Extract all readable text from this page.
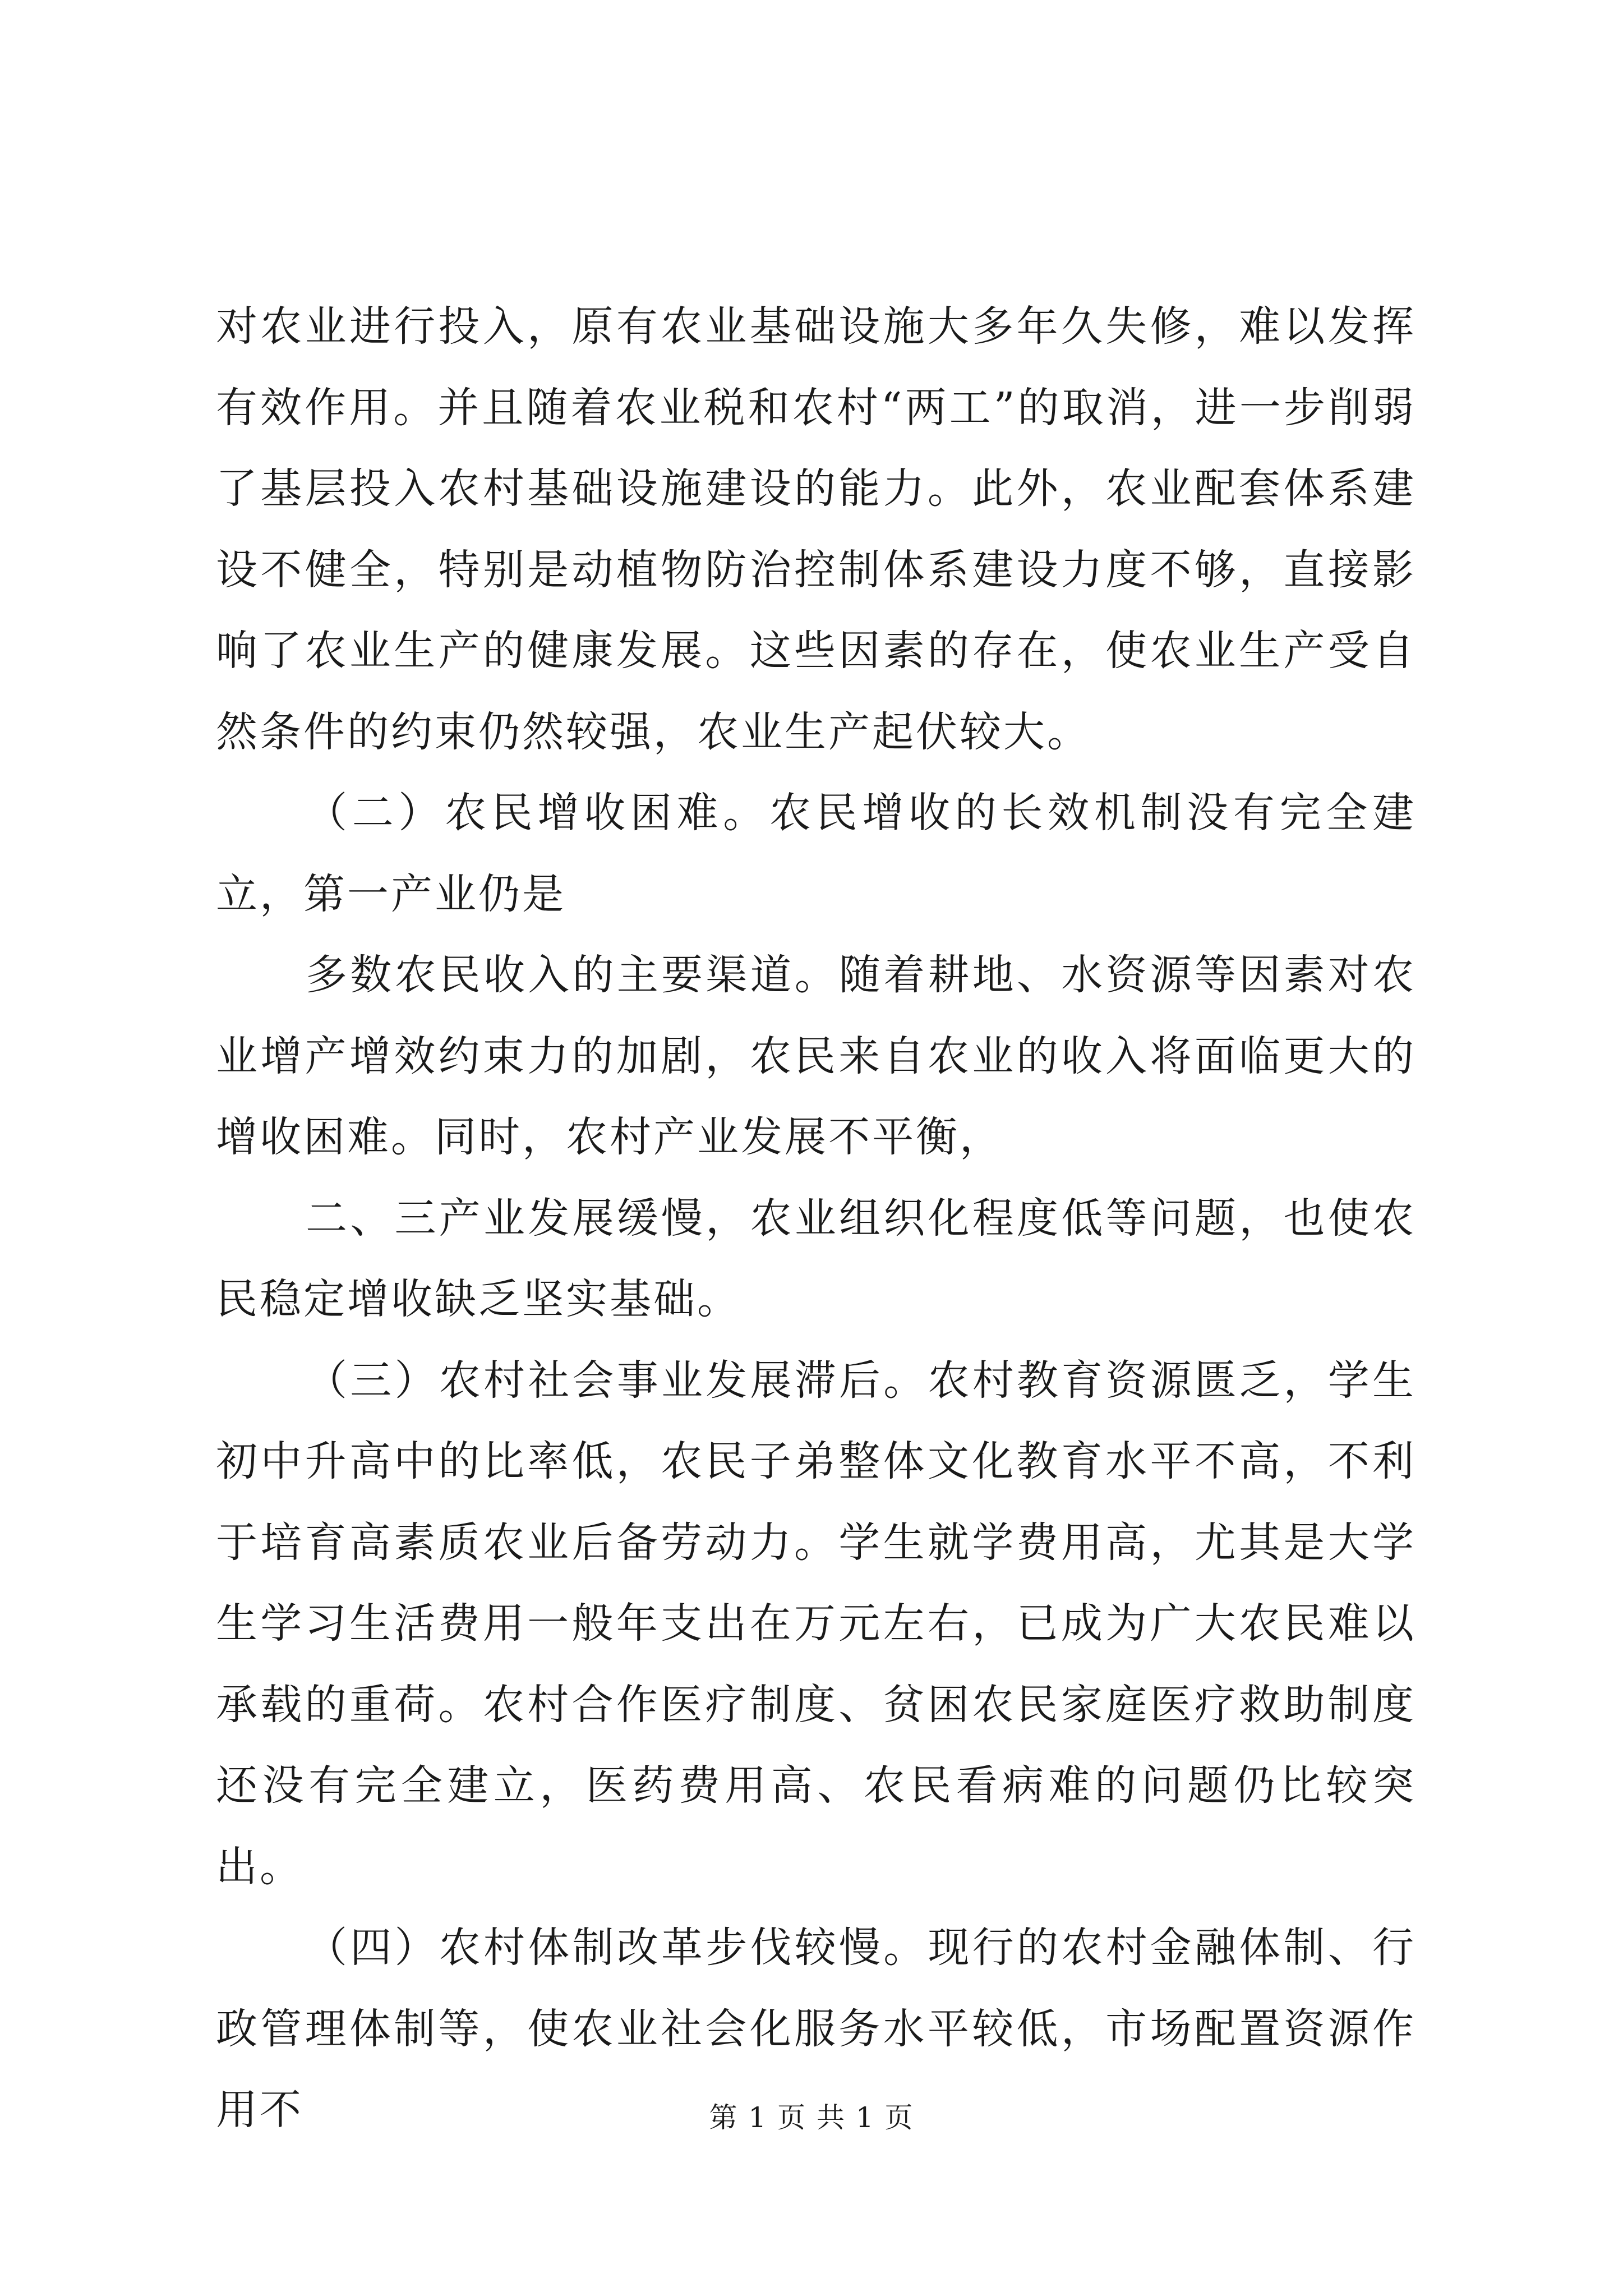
对农业进行投入，原有农业基础设施大多年久失修，难以发挥有效作用。并且随着农业税和农村“两工”的取消，进一步削弱了基层投入农村基础设施建设的能力。此外，农业配套体系建设不健全，特别是动植物防治控制体系建设力度不够，直接影响了农业生产的健康发展。这些因素的存在，使农业生产受自然条件的约束仍然较强，农业生产起伏较大。

（二）农民增收困难。农民增收的长效机制没有完全建立，第一产业仍是

多数农民收入的主要渠道。随着耕地、水资源等因素对农业增产增效约束力的加剧，农民来自农业的收入将面临更大的增收困难。同时，农村产业发展不平衡，

二、三产业发展缓慢，农业组织化程度低等问题，也使农民稳定增收缺乏坚实基础。

（三）农村社会事业发展滞后。农村教育资源匮乏，学生初中升高中的比率低，农民子弟整体文化教育水平不高，不利于培育高素质农业后备劳动力。学生就学费用高，尤其是大学生学习生活费用一般年支出在万元左右，已成为广大农民难以承载的重荷。农村合作医疗制度、贫困农民家庭医疗救助制度还没有完全建立，医药费用高、农民看病难的问题仍比较突出。

（四）农村体制改革步伐较慢。现行的农村金融体制、行政管理体制等，使农业社会化服务水平较低，市场配置资源作用不	第 1 页 共 1 页
